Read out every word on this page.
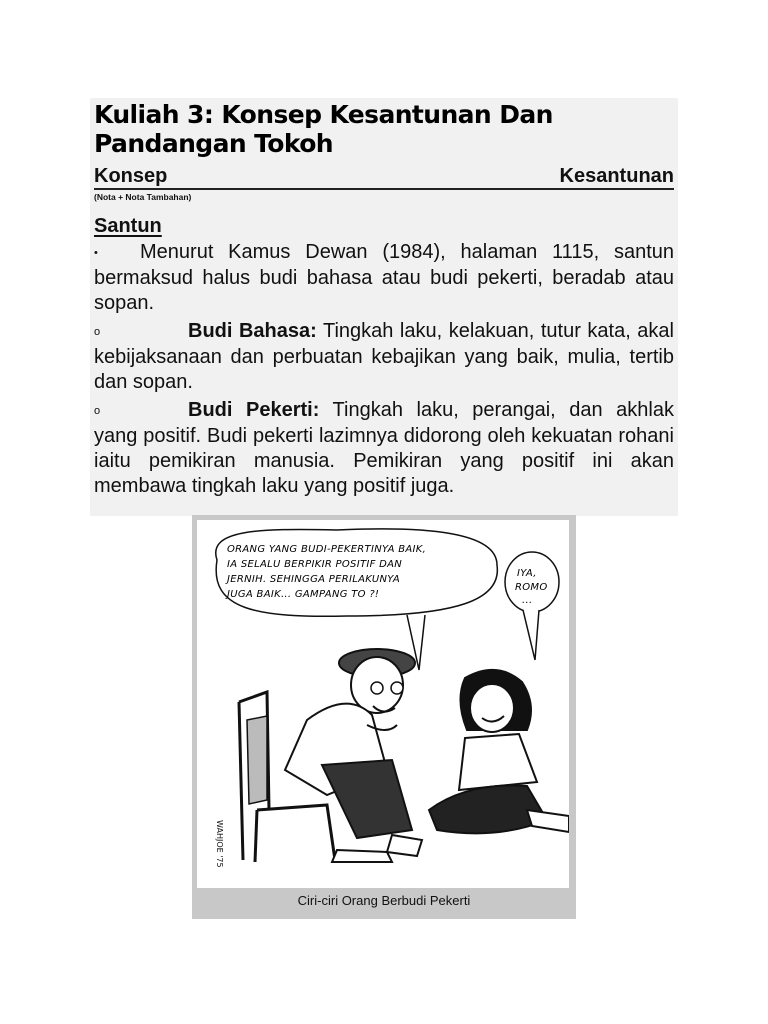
Kuliah 3: Konsep Kesantunan Dan Pandangan Tokoh
Konsep	Kesantunan
(Nota + Nota Tambahan)
Santun

• Menurut Kamus Dewan (1984), halaman 1115, santun bermaksud halus budi bahasa atau budi pekerti, beradab atau sopan.

o	Budi Bahasa: Tingkah laku, kelakuan, tutur kata, akal kebijaksanaan dan perbuatan kebajikan yang baik, mulia, tertib dan sopan.

o	Budi Pekerti: Tingkah laku, perangai, dan akhlak yang positif. Budi pekerti lazimnya didorong oleh kekuatan rohani iaitu pemikiran manusia. Pemikiran yang positif ini akan membawa tingkah laku yang positif juga.

ORANG YANG BUDI-PEKERTINYA BAIK,
IA SELALU BERPIKIR POSITIF DAN
JERNIH. SEHINGGA PERILAKUNYA
JUGA BAIK... GAMPANG TO ?!
IYA,
ROMO
...
WAHJOE '75
Ciri-ciri Orang Berbudi Pekerti
